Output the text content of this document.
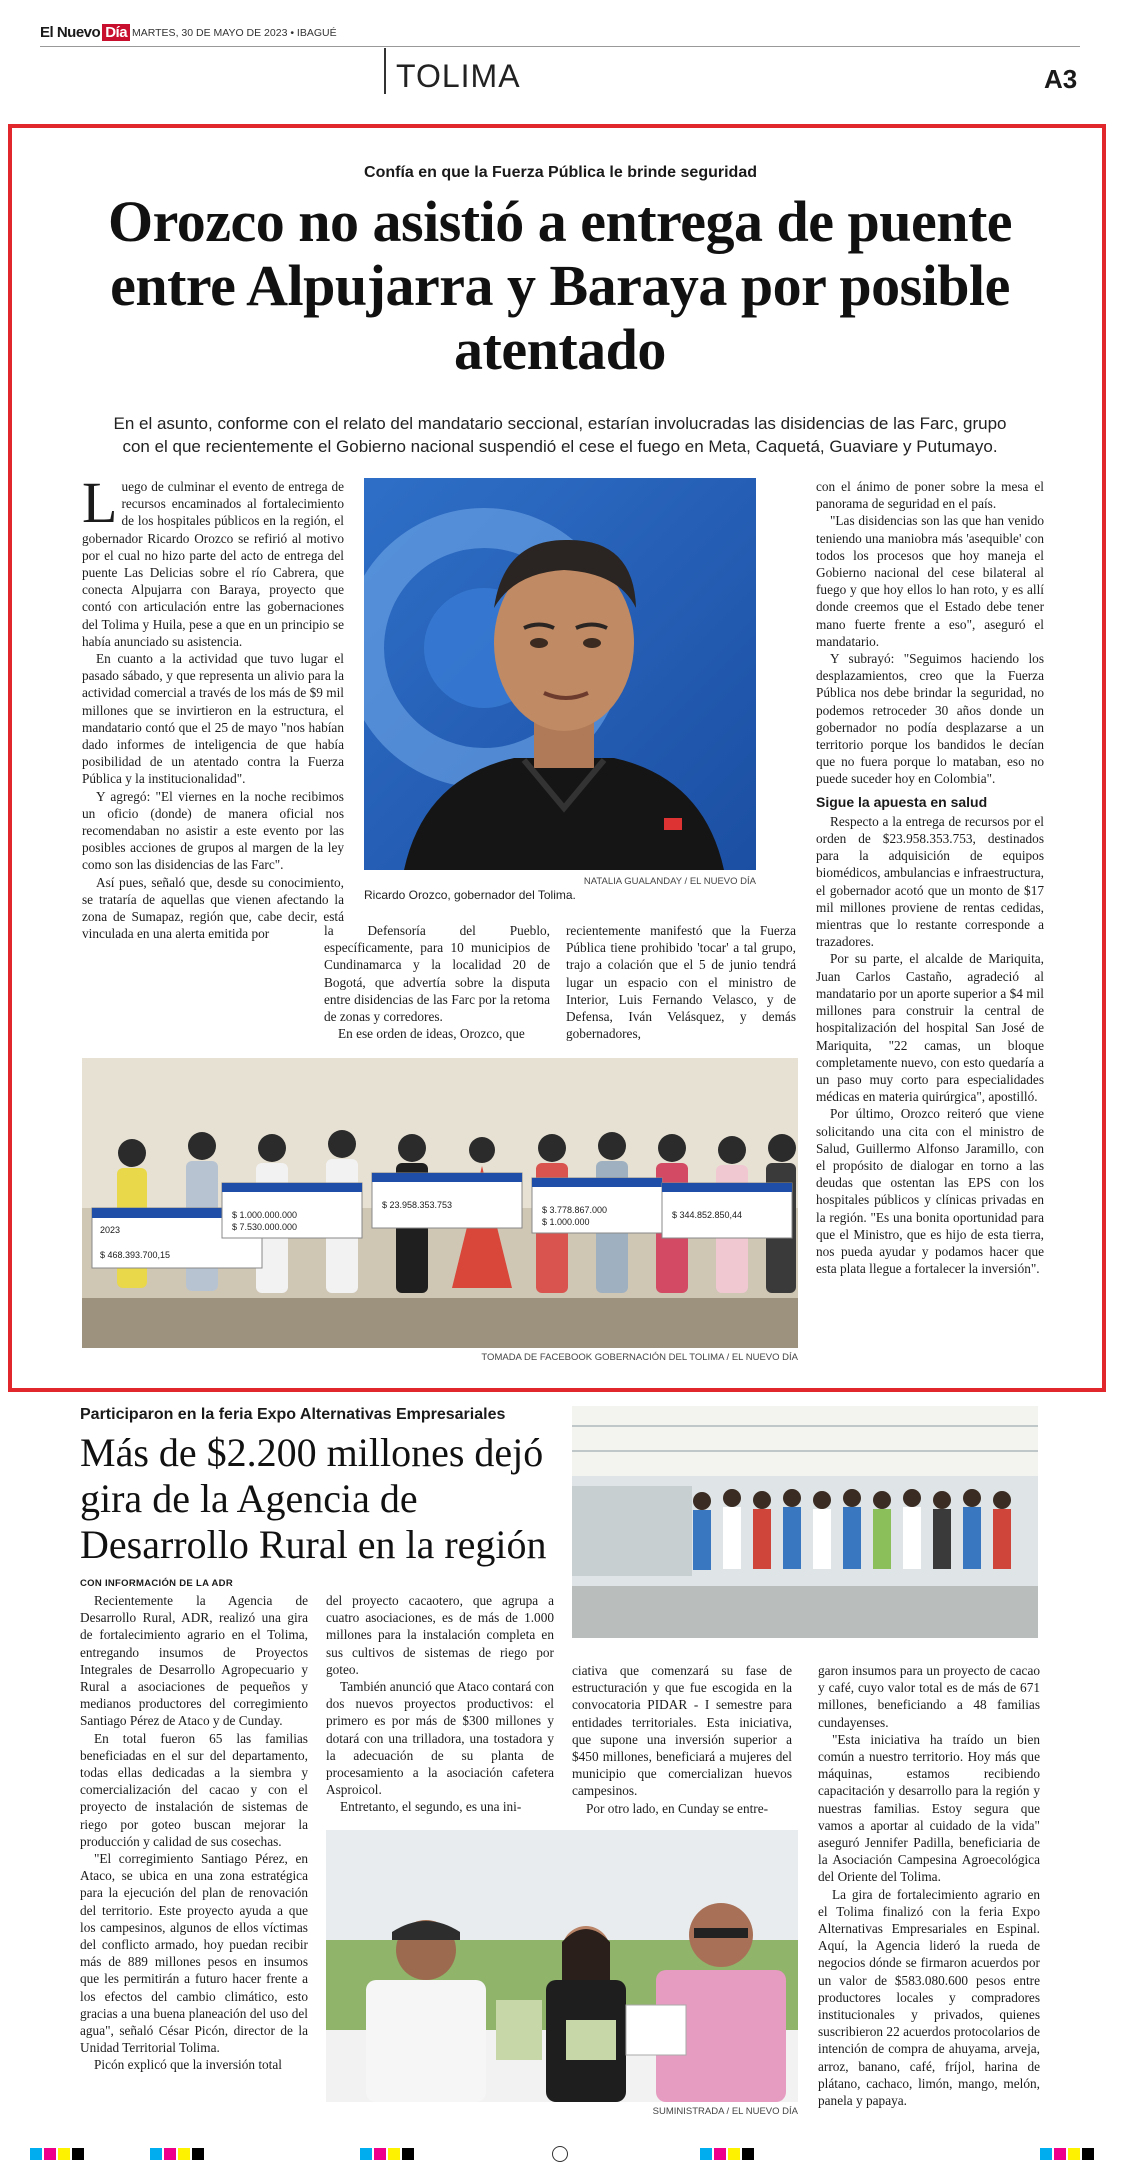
El Nuevo Día MARTES, 30 DE MAYO DE 2023 • IBAGUÉ
TOLIMA	A3
Confía en que la Fuerza Pública le brinde seguridad
Orozco no asistió a entrega de puente entre Alpujarra y Baraya por posible atentado
En el asunto, conforme con el relato del mandatario seccional, estarían involucradas las disidencias de las Farc, grupo con el que recientemente el Gobierno nacional suspendió el cese el fuego en Meta, Caquetá, Guaviare y Putumayo.

Luego de culminar el evento de entrega de recursos encaminados al fortalecimiento de los hospitales públicos en la región, el gobernador Ricardo Orozco se refirió al motivo por el cual no hizo parte del acto de entrega del puente Las Delicias sobre el río Cabrera, que conecta Alpujarra con Baraya, proyecto que contó con articulación entre las gobernaciones del Tolima y Huila, pese a que en un principio se había anunciado su asistencia.

En cuanto a la actividad que tuvo lugar el pasado sábado, y que representa un alivio para la actividad comercial a través de los más de $9 mil millones que se invirtieron en la estructura, el mandatario contó que el 25 de mayo "nos habían dado informes de inteligencia de que había posibilidad de un atentado contra la Fuerza Pública y la institucionalidad".

Y agregó: "El viernes en la noche recibimos un oficio (donde) de manera oficial nos recomendaban no asistir a este evento por las posibles acciones de grupos al margen de la ley como son las disidencias de las Farc".

Así pues, señaló que, desde su conocimiento, se trataría de aquellas que vienen afectando la zona de Sumapaz, región que, cabe decir, está vinculada en una alerta emitida por

Ricardo Orozco, gobernador del Tolima.
NATALIA GUALANDAY / EL NUEVO DÍA

la Defensoría del Pueblo, específicamente, para 10 municipios de Cundinamarca y la localidad 20 de Bogotá, que advertía sobre la disputa entre disidencias de las Farc por la retoma de zonas y corredores.

En ese orden de ideas, Orozco, que

recientemente manifestó que la Fuerza Pública tiene prohibido 'tocar' a tal grupo, trajo a colación que el 5 de junio tendrá lugar un espacio con el ministro de Interior, Luis Fernando Velasco, y de Defensa, Iván Velásquez, y demás gobernadores,

con el ánimo de poner sobre la mesa el panorama de seguridad en el país.

"Las disidencias son las que han venido teniendo una maniobra más 'asequible' con todos los procesos que hoy maneja el Gobierno nacional del cese bilateral al fuego y que hoy ellos lo han roto, y es allí donde creemos que el Estado debe tener mano fuerte frente a eso", aseguró el mandatario.

Y subrayó: "Seguimos haciendo los desplazamientos, creo que la Fuerza Pública nos debe brindar la seguridad, no podemos retroceder 30 años donde un gobernador no podía desplazarse a un territorio porque los bandidos le decían que no fuera porque lo mataban, eso no puede suceder hoy en Colombia".

Sigue la apuesta en salud

Respecto a la entrega de recursos por el orden de $23.958.353.753, destinados para la adquisición de equipos biomédicos, ambulancias e infraestructura, el gobernador acotó que un monto de $17 mil millones proviene de rentas cedidas, mientras que lo restante corresponde a trazadores.

Por su parte, el alcalde de Mariquita, Juan Carlos Castaño, agradeció al mandatario por un aporte superior a $4 mil millones para construir la central de hospitalización del hospital San José de Mariquita, "22 camas, un bloque completamente nuevo, con esto quedaría a un paso muy corto para especialidades médicas en materia quirúrgica", apostilló.

Por último, Orozco reiteró que viene solicitando una cita con el ministro de Salud, Guillermo Alfonso Jaramillo, con el propósito de dialogar en torno a las deudas que ostentan las EPS con los hospitales públicos y clínicas privadas en la región. "Es una bonita oportunidad para que el Ministro, que es hijo de esta tierra, nos pueda ayudar y podamos hacer que esta plata llegue a fortalecer la inversión".

2023
$ 468.393.700,15
$ 1.000.000.000
$ 23.958.353.753	$ 3.778.867.000	$ 344.852.850,44
$ 7.530.000.000	$ 1.000.000
TOMADA DE FACEBOOK GOBERNACIÓN DEL TOLIMA / EL NUEVO DÍA
Participaron en la feria Expo Alternativas Empresariales
Más de $2.200 millones dejó gira de la Agencia de Desarrollo Rural en la región
CON INFORMACIÓN DE LA ADR

Recientemente la Agencia de Desarrollo Rural, ADR, realizó una gira de fortalecimiento agrario en el Tolima, entregando insumos de Proyectos Integrales de Desarrollo Agropecuario y Rural a asociaciones de pequeños y medianos productores del corregimiento Santiago Pérez de Ataco y de Cunday.

En total fueron 65 las familias beneficiadas en el sur del departamento, todas ellas dedicadas a la siembra y comercialización del cacao y con el proyecto de instalación de sistemas de riego por goteo buscan mejorar la producción y calidad de sus cosechas.

"El corregimiento Santiago Pérez, en Ataco, se ubica en una zona estratégica para la ejecución del plan de renovación del territorio. Este proyecto ayuda a que los campesinos, algunos de ellos víctimas del conflicto armado, hoy puedan recibir más de 889 millones pesos en insumos que les permitirán a futuro hacer frente a los efectos del cambio climático, esto gracias a una buena planeación del uso del agua", señaló César Picón, director de la Unidad Territorial Tolima.

Picón explicó que la inversión total

del proyecto cacaotero, que agrupa a cuatro asociaciones, es de más de 1.000 millones para la instalación completa en sus cultivos de sistemas de riego por goteo.

También anunció que Ataco contará con dos nuevos proyectos productivos: el primero es por más de $300 millones y dotará con una trilladora, una tostadora y la adecuación de su planta de procesamiento a la asociación cafetera Asproicol.

Entretanto, el segundo, es una ini-

ciativa que comenzará su fase de estructuración y que fue escogida en la convocatoria PIDAR - I semestre para entidades territoriales. Esta iniciativa, que supone una inversión superior a $450 millones, beneficiará a mujeres del municipio que comercializan huevos campesinos.

Por otro lado, en Cunday se entre-

garon insumos para un proyecto de cacao y café, cuyo valor total es de más de 671 millones, beneficiando a 48 familias cundayenses.

"Esta iniciativa ha traído un bien común a nuestro territorio. Hoy más que máquinas, estamos recibiendo capacitación y desarrollo para la región y nuestras familias. Estoy segura que vamos a aportar al cuidado de la vida" aseguró Jennifer Padilla, beneficiaria de la Asociación Campesina Agroecológica del Oriente del Tolima.

La gira de fortalecimiento agrario en el Tolima finalizó con la feria Expo Alternativas Empresariales en Espinal. Aquí, la Agencia lideró la rueda de negocios dónde se firmaron acuerdos por un valor de $583.080.600 pesos entre productores locales y compradores institucionales y privados, quienes suscribieron 22 acuerdos protocolarios de intención de compra de ahuyama, arveja, arroz, banano, café, fríjol, harina de plátano, cachaco, limón, mango, melón, panela y papaya.

SUMINISTRADA / EL NUEVO DÍA
